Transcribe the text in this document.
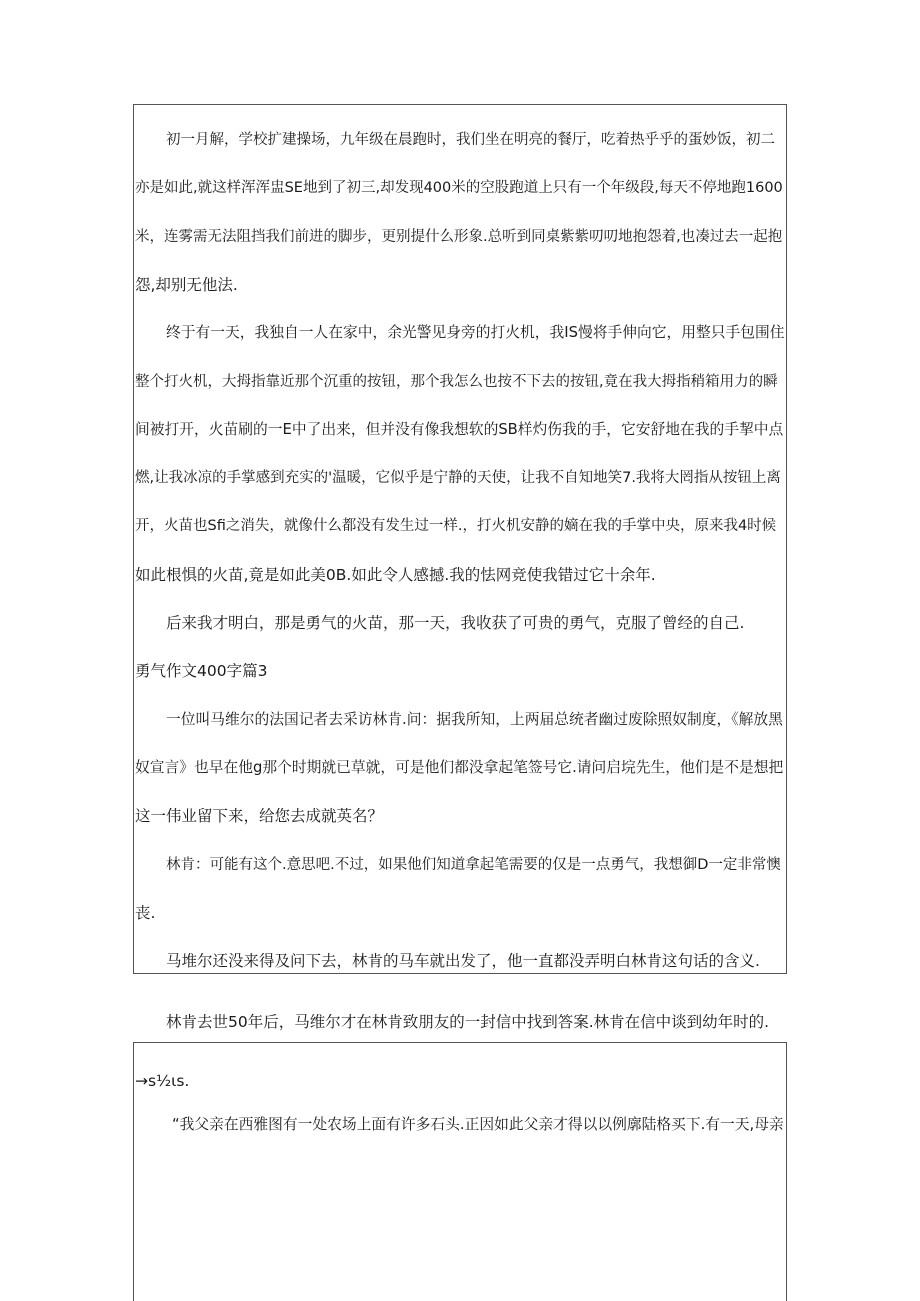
初一月解，学校扩建操场，九年级在晨跑时，我们坐在明亮的餐厅，吃着热乎乎的蛋妙饭，初二

亦是如此,就这样浑浑盅SE地到了初三,却发现400米的空股跑道上只有一个年级段,每天不停地跑1600

米，连雾需无法阻挡我们前进的脚步，更别提什么形象.总听到同桌紫紫叨叨地抱怨着,也凑过去一起抱

怨,却别无他法.

终于有一天，我独自一人在家中，余光警见身旁的打火机，我IS慢将手伸向它，用整只手包围住

整个打火机，大拇指靠近那个沉重的按钮，那个我怎么也按不下去的按钮,竟在我大拇指稍箱用力的瞬

间被打开，火苗刷的一E中了出来，但并没有像我想软的SB样灼伤我的手，它安舒地在我的手挈中点

燃,让我冰凉的手掌感到充实的'温暖，它似乎是宁静的天使，让我不自知地笑7.我将大罔指从按钮上离

开，火苗也Sfi之消失，就像什么都没有发生过一样.，打火机安静的嫡在我的手掌中央，原来我4时候

如此根惧的火苗,竟是如此美0B.如此令人感撼.我的怯网竞使我错过它十余年.

后来我才明白，那是勇气的火苗，那一天，我收获了可贵的勇气，克服了曾经的自己.

勇气作文400字篇3

一位叫马维尔的法国记者去采访林肯.问：据我所知，上两届总统者幽过废除照奴制度，《解放黑

奴宣言》也早在他g那个时期就已草就，可是他们都没拿起笔签号它.请问启垸先生，他们是不是想把

这一伟业留下来，给您去成就英名？

林肯：可能有这个.意思吧.不过，如果他们知道拿起笔需要的仅是一点勇气，我想御D一定非常懊

丧.

马堆尔还没来得及问下去，林肯的马车就出发了，他一直都没弄明白林肯这句话的含义.

林肯去世50年后，马维尔才在林肯致朋友的一封信中找到答案.林肯在信中谈到幼年时的.

→s½ιs.

“我父亲在西雅图有一处农场上面有许多石头.正因如此父亲才得以以例廓陆格买下.有一天,母亲
